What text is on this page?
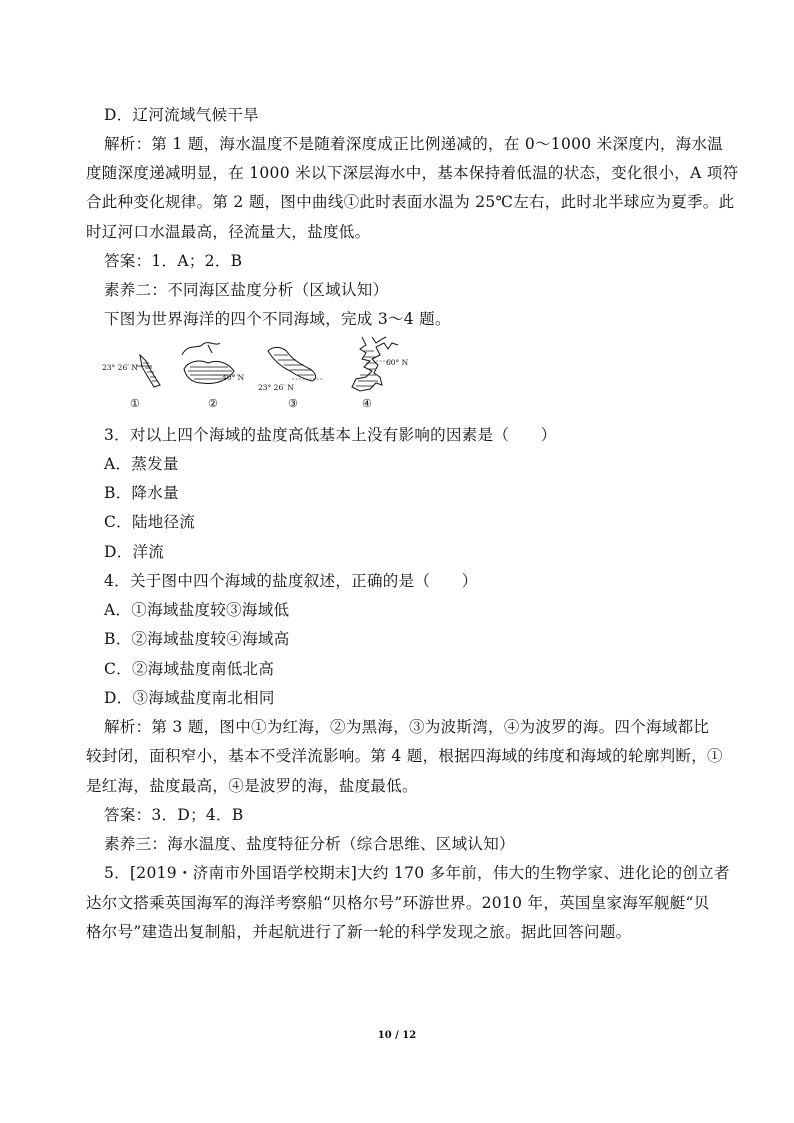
D．辽河流域气候干旱
解析：第 1 题，海水温度不是随着深度成正比例递减的，在 0～1000 米深度内，海水温
度随深度递减明显，在 1000 米以下深层海水中，基本保持着低温的状态，变化很小，A 项符
合此种变化规律。第 2 题，图中曲线①此时表面水温为 25℃左右，此时北半球应为夏季。此
时辽河口水温最高，径流量大，盐度低。
答案：1．A；2．B
素养二：不同海区盐度分析（区域认知）
下图为世界海洋的四个不同海域，完成 3～4 题。
23° 26′ N
①
40° N
②
23° 26′ N
③
60° N
④
3．对以上四个海域的盐度高低基本上没有影响的因素是（　　）
A．蒸发量
B．降水量
C．陆地径流
D．洋流
4．关于图中四个海域的盐度叙述，正确的是（　　）
A．①海域盐度较③海域低
B．②海域盐度较④海域高
C．②海域盐度南低北高
D．③海域盐度南北相同
解析：第 3 题，图中①为红海，②为黑海，③为波斯湾，④为波罗的海。四个海域都比
较封闭，面积窄小，基本不受洋流影响。第 4 题，根据四海域的纬度和海域的轮廓判断，①
是红海，盐度最高，④是波罗的海，盐度最低。
答案：3．D；4．B
素养三：海水温度、盐度特征分析（综合思维、区域认知）
5．[2019・济南市外国语学校期末]大约 170 多年前，伟大的生物学家、进化论的创立者
达尔文搭乘英国海军的海洋考察船“贝格尔号”环游世界。2010 年，英国皇家海军舰艇“贝
格尔号”建造出复制船，并起航进行了新一轮的科学发现之旅。据此回答问题。
10 / 12
